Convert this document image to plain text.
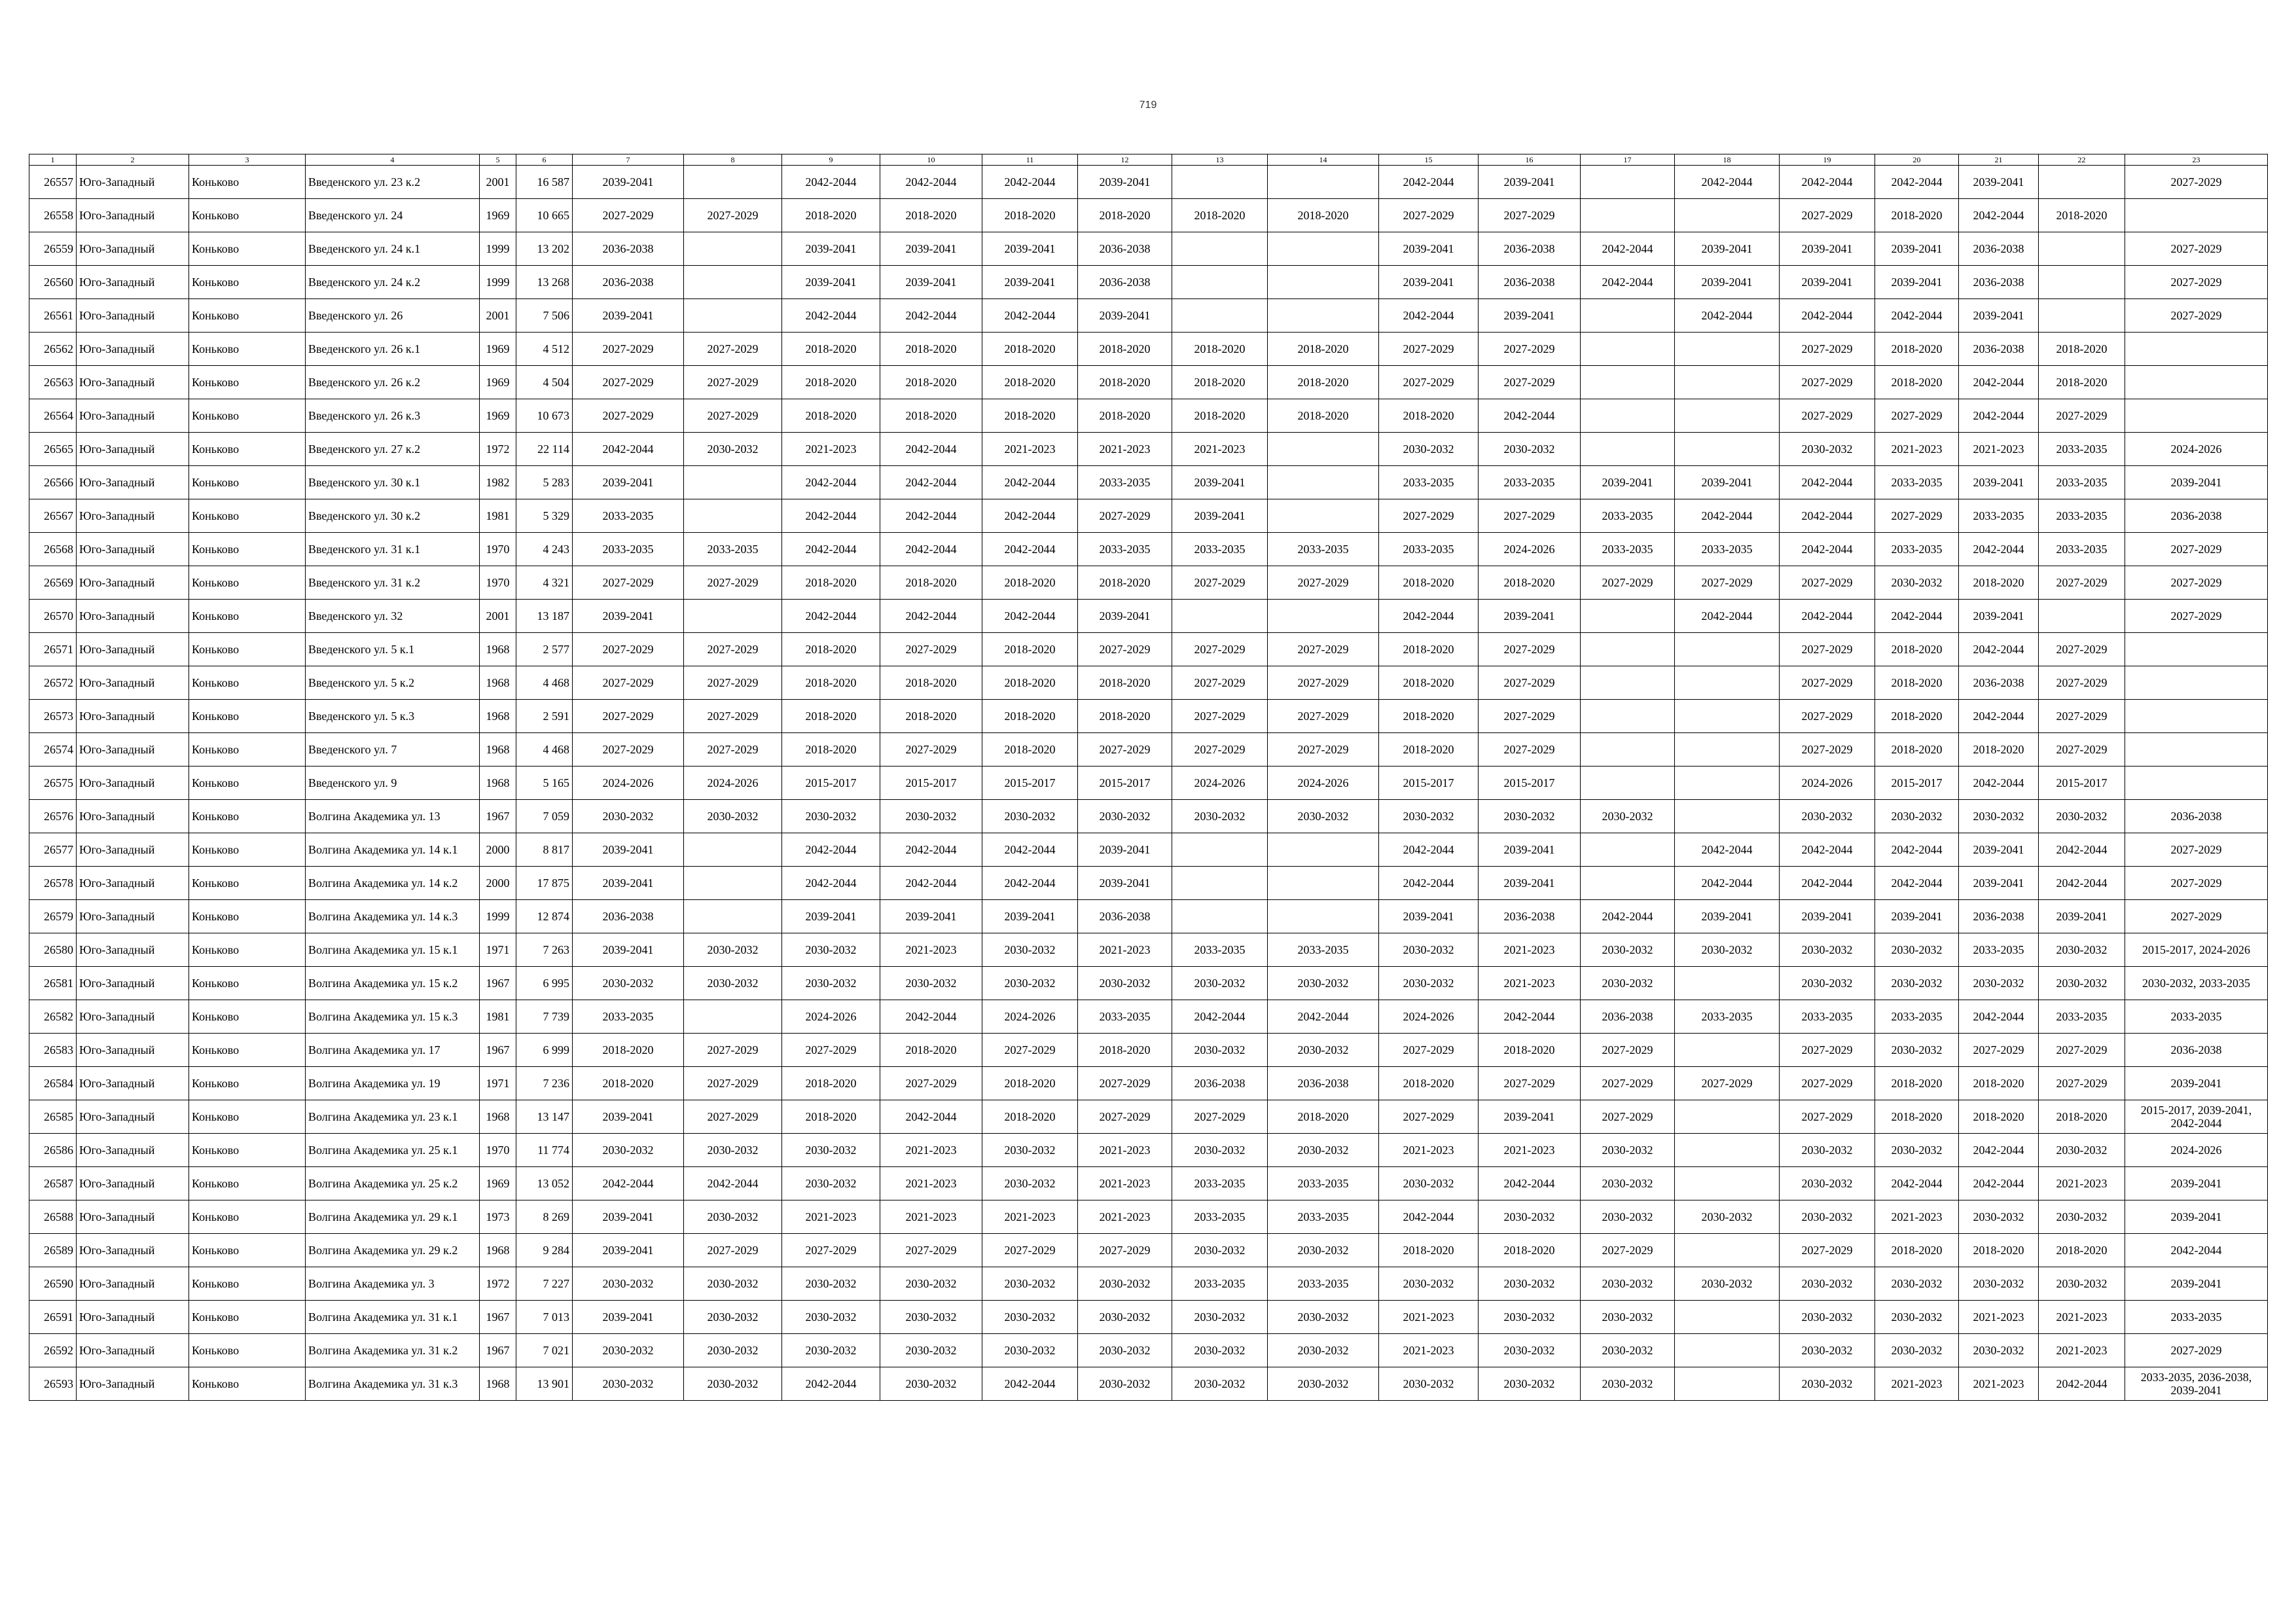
719
1	2	3	4	5	6	7	8	9	10	11	12	13	14	15	16	17	18	19	20	21	22	23
26557	Юго-Западный	Коньково	Введенского ул. 23 к.2	2001	16 587	2039-2041		2042-2044	2042-2044	2042-2044	2039-2041			2042-2044	2039-2041		2042-2044	2042-2044	2042-2044	2039-2041		2027-2029
26558	Юго-Западный	Коньково	Введенского ул. 24	1969	10 665	2027-2029	2027-2029	2018-2020	2018-2020	2018-2020	2018-2020	2018-2020	2018-2020	2027-2029	2027-2029			2027-2029	2018-2020	2042-2044	2018-2020	
26559	Юго-Западный	Коньково	Введенского ул. 24 к.1	1999	13 202	2036-2038		2039-2041	2039-2041	2039-2041	2036-2038			2039-2041	2036-2038	2042-2044	2039-2041	2039-2041	2039-2041	2036-2038		2027-2029
26560	Юго-Западный	Коньково	Введенского ул. 24 к.2	1999	13 268	2036-2038		2039-2041	2039-2041	2039-2041	2036-2038			2039-2041	2036-2038	2042-2044	2039-2041	2039-2041	2039-2041	2036-2038		2027-2029
26561	Юго-Западный	Коньково	Введенского ул. 26	2001	7 506	2039-2041		2042-2044	2042-2044	2042-2044	2039-2041			2042-2044	2039-2041		2042-2044	2042-2044	2042-2044	2039-2041		2027-2029
26562	Юго-Западный	Коньково	Введенского ул. 26 к.1	1969	4 512	2027-2029	2027-2029	2018-2020	2018-2020	2018-2020	2018-2020	2018-2020	2018-2020	2027-2029	2027-2029			2027-2029	2018-2020	2036-2038	2018-2020	
26563	Юго-Западный	Коньково	Введенского ул. 26 к.2	1969	4 504	2027-2029	2027-2029	2018-2020	2018-2020	2018-2020	2018-2020	2018-2020	2018-2020	2027-2029	2027-2029			2027-2029	2018-2020	2042-2044	2018-2020	
26564	Юго-Западный	Коньково	Введенского ул. 26 к.3	1969	10 673	2027-2029	2027-2029	2018-2020	2018-2020	2018-2020	2018-2020	2018-2020	2018-2020	2018-2020	2042-2044			2027-2029	2027-2029	2042-2044	2027-2029	
26565	Юго-Западный	Коньково	Введенского ул. 27 к.2	1972	22 114	2042-2044	2030-2032	2021-2023	2042-2044	2021-2023	2021-2023	2021-2023		2030-2032	2030-2032			2030-2032	2021-2023	2021-2023	2033-2035	2024-2026
26566	Юго-Западный	Коньково	Введенского ул. 30 к.1	1982	5 283	2039-2041		2042-2044	2042-2044	2042-2044	2033-2035	2039-2041		2033-2035	2033-2035	2039-2041	2039-2041	2042-2044	2033-2035	2039-2041	2033-2035	2039-2041
26567	Юго-Западный	Коньково	Введенского ул. 30 к.2	1981	5 329	2033-2035		2042-2044	2042-2044	2042-2044	2027-2029	2039-2041		2027-2029	2027-2029	2033-2035	2042-2044	2042-2044	2027-2029	2033-2035	2033-2035	2036-2038
26568	Юго-Западный	Коньково	Введенского ул. 31 к.1	1970	4 243	2033-2035	2033-2035	2042-2044	2042-2044	2042-2044	2033-2035	2033-2035	2033-2035	2033-2035	2024-2026	2033-2035	2033-2035	2042-2044	2033-2035	2042-2044	2033-2035	2027-2029
26569	Юго-Западный	Коньково	Введенского ул. 31 к.2	1970	4 321	2027-2029	2027-2029	2018-2020	2018-2020	2018-2020	2018-2020	2027-2029	2027-2029	2018-2020	2018-2020	2027-2029	2027-2029	2027-2029	2030-2032	2018-2020	2027-2029	2027-2029
26570	Юго-Западный	Коньково	Введенского ул. 32	2001	13 187	2039-2041		2042-2044	2042-2044	2042-2044	2039-2041			2042-2044	2039-2041		2042-2044	2042-2044	2042-2044	2039-2041		2027-2029
26571	Юго-Западный	Коньково	Введенского ул. 5 к.1	1968	2 577	2027-2029	2027-2029	2018-2020	2027-2029	2018-2020	2027-2029	2027-2029	2027-2029	2018-2020	2027-2029			2027-2029	2018-2020	2042-2044	2027-2029	
26572	Юго-Западный	Коньково	Введенского ул. 5 к.2	1968	4 468	2027-2029	2027-2029	2018-2020	2018-2020	2018-2020	2018-2020	2027-2029	2027-2029	2018-2020	2027-2029			2027-2029	2018-2020	2036-2038	2027-2029	
26573	Юго-Западный	Коньково	Введенского ул. 5 к.3	1968	2 591	2027-2029	2027-2029	2018-2020	2018-2020	2018-2020	2018-2020	2027-2029	2027-2029	2018-2020	2027-2029			2027-2029	2018-2020	2042-2044	2027-2029	
26574	Юго-Западный	Коньково	Введенского ул. 7	1968	4 468	2027-2029	2027-2029	2018-2020	2027-2029	2018-2020	2027-2029	2027-2029	2027-2029	2018-2020	2027-2029			2027-2029	2018-2020	2018-2020	2027-2029	
26575	Юго-Западный	Коньково	Введенского ул. 9	1968	5 165	2024-2026	2024-2026	2015-2017	2015-2017	2015-2017	2015-2017	2024-2026	2024-2026	2015-2017	2015-2017			2024-2026	2015-2017	2042-2044	2015-2017	
26576	Юго-Западный	Коньково	Волгина Академика ул. 13	1967	7 059	2030-2032	2030-2032	2030-2032	2030-2032	2030-2032	2030-2032	2030-2032	2030-2032	2030-2032	2030-2032	2030-2032		2030-2032	2030-2032	2030-2032	2030-2032	2036-2038
26577	Юго-Западный	Коньково	Волгина Академика ул. 14 к.1	2000	8 817	2039-2041		2042-2044	2042-2044	2042-2044	2039-2041			2042-2044	2039-2041		2042-2044	2042-2044	2042-2044	2039-2041	2042-2044	2027-2029
26578	Юго-Западный	Коньково	Волгина Академика ул. 14 к.2	2000	17 875	2039-2041		2042-2044	2042-2044	2042-2044	2039-2041			2042-2044	2039-2041		2042-2044	2042-2044	2042-2044	2039-2041	2042-2044	2027-2029
26579	Юго-Западный	Коньково	Волгина Академика ул. 14 к.3	1999	12 874	2036-2038		2039-2041	2039-2041	2039-2041	2036-2038			2039-2041	2036-2038	2042-2044	2039-2041	2039-2041	2039-2041	2036-2038	2039-2041	2027-2029
26580	Юго-Западный	Коньково	Волгина Академика ул. 15 к.1	1971	7 263	2039-2041	2030-2032	2030-2032	2021-2023	2030-2032	2021-2023	2033-2035	2033-2035	2030-2032	2021-2023	2030-2032	2030-2032	2030-2032	2030-2032	2033-2035	2030-2032	2015-2017, 2024-2026
26581	Юго-Западный	Коньково	Волгина Академика ул. 15 к.2	1967	6 995	2030-2032	2030-2032	2030-2032	2030-2032	2030-2032	2030-2032	2030-2032	2030-2032	2030-2032	2021-2023	2030-2032		2030-2032	2030-2032	2030-2032	2030-2032	2030-2032, 2033-2035
26582	Юго-Западный	Коньково	Волгина Академика ул. 15 к.3	1981	7 739	2033-2035		2024-2026	2042-2044	2024-2026	2033-2035	2042-2044	2042-2044	2024-2026	2042-2044	2036-2038	2033-2035	2033-2035	2033-2035	2042-2044	2033-2035	2033-2035
26583	Юго-Западный	Коньково	Волгина Академика ул. 17	1967	6 999	2018-2020	2027-2029	2027-2029	2018-2020	2027-2029	2018-2020	2030-2032	2030-2032	2027-2029	2018-2020	2027-2029		2027-2029	2030-2032	2027-2029	2027-2029	2036-2038
26584	Юго-Западный	Коньково	Волгина Академика ул. 19	1971	7 236	2018-2020	2027-2029	2018-2020	2027-2029	2018-2020	2027-2029	2036-2038	2036-2038	2018-2020	2027-2029	2027-2029	2027-2029	2027-2029	2018-2020	2018-2020	2027-2029	2039-2041
26585	Юго-Западный	Коньково	Волгина Академика ул. 23 к.1	1968	13 147	2039-2041	2027-2029	2018-2020	2042-2044	2018-2020	2027-2029	2027-2029	2018-2020	2027-2029	2039-2041	2027-2029		2027-2029	2018-2020	2018-2020	2018-2020	2015-2017, 2039-2041, 2042-2044
26586	Юго-Западный	Коньково	Волгина Академика ул. 25 к.1	1970	11 774	2030-2032	2030-2032	2030-2032	2021-2023	2030-2032	2021-2023	2030-2032	2030-2032	2021-2023	2021-2023	2030-2032		2030-2032	2030-2032	2042-2044	2030-2032	2024-2026
26587	Юго-Западный	Коньково	Волгина Академика ул. 25 к.2	1969	13 052	2042-2044	2042-2044	2030-2032	2021-2023	2030-2032	2021-2023	2033-2035	2033-2035	2030-2032	2042-2044	2030-2032		2030-2032	2042-2044	2042-2044	2021-2023	2039-2041
26588	Юго-Западный	Коньково	Волгина Академика ул. 29 к.1	1973	8 269	2039-2041	2030-2032	2021-2023	2021-2023	2021-2023	2021-2023	2033-2035	2033-2035	2042-2044	2030-2032	2030-2032	2030-2032	2030-2032	2021-2023	2030-2032	2030-2032	2039-2041
26589	Юго-Западный	Коньково	Волгина Академика ул. 29 к.2	1968	9 284	2039-2041	2027-2029	2027-2029	2027-2029	2027-2029	2027-2029	2030-2032	2030-2032	2018-2020	2018-2020	2027-2029		2027-2029	2018-2020	2018-2020	2018-2020	2042-2044
26590	Юго-Западный	Коньково	Волгина Академика ул. 3	1972	7 227	2030-2032	2030-2032	2030-2032	2030-2032	2030-2032	2030-2032	2033-2035	2033-2035	2030-2032	2030-2032	2030-2032	2030-2032	2030-2032	2030-2032	2030-2032	2030-2032	2039-2041
26591	Юго-Западный	Коньково	Волгина Академика ул. 31 к.1	1967	7 013	2039-2041	2030-2032	2030-2032	2030-2032	2030-2032	2030-2032	2030-2032	2030-2032	2021-2023	2030-2032	2030-2032		2030-2032	2030-2032	2021-2023	2021-2023	2033-2035
26592	Юго-Западный	Коньково	Волгина Академика ул. 31 к.2	1967	7 021	2030-2032	2030-2032	2030-2032	2030-2032	2030-2032	2030-2032	2030-2032	2030-2032	2021-2023	2030-2032	2030-2032		2030-2032	2030-2032	2030-2032	2021-2023	2027-2029
26593	Юго-Западный	Коньково	Волгина Академика ул. 31 к.3	1968	13 901	2030-2032	2030-2032	2042-2044	2030-2032	2042-2044	2030-2032	2030-2032	2030-2032	2030-2032	2030-2032	2030-2032		2030-2032	2021-2023	2021-2023	2042-2044	2033-2035, 2036-2038, 2039-2041
